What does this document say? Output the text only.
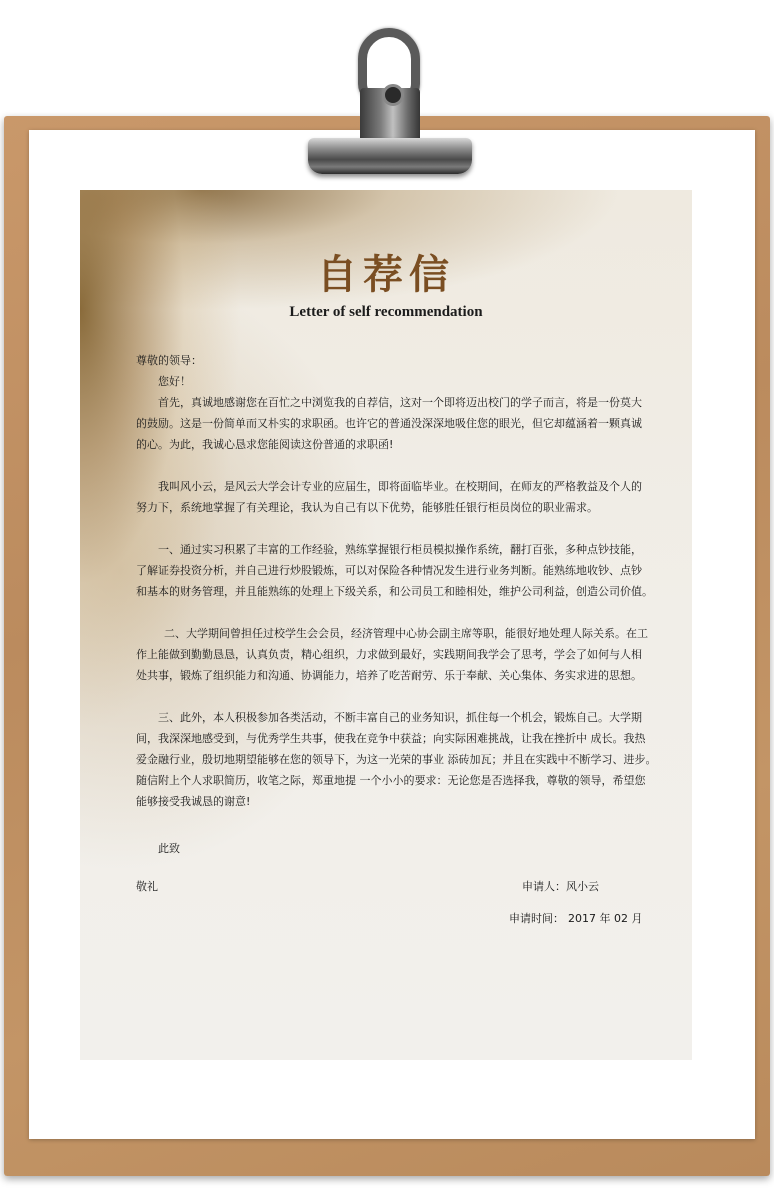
自荐信
Letter of self recommendation
尊敬的领导：
您好！
首先，真诚地感谢您在百忙之中浏览我的自荐信，这对一个即将迈出校门的学子而言，将是一份莫大
的鼓励。这是一份简单而又朴实的求职函。也许它的普通没深深地吸住您的眼光，但它却蕴涵着一颗真诚
的心。为此，我诚心恳求您能阅读这份普通的求职函!
我叫风小云，是风云大学会计专业的应届生，即将面临毕业。在校期间，在师友的严格教益及个人的
努力下，系统地掌握了有关理论，我认为自己有以下优势，能够胜任银行柜员岗位的职业需求。
一、通过实习积累了丰富的工作经验，熟练掌握银行柜员模拟操作系统，翻打百张，多种点钞技能，
了解证券投资分析，并自己进行炒股锻炼，可以对保险各种情况发生进行业务判断。能熟练地收钞、点钞
和基本的财务管理，并且能熟练的处理上下级关系，和公司员工和睦相处，维护公司利益，创造公司价值。
二、大学期间曾担任过校学生会会员，经济管理中心协会副主席等职，能很好地处理人际关系。在工
作上能做到勤勤恳恳，认真负责，精心组织，力求做到最好，实践期间我学会了思考，学会了如何与人相
处共事，锻炼了组织能力和沟通、协调能力，培养了吃苦耐劳、乐于奉献、关心集体、务实求进的思想。
三、此外，本人积极参加各类活动，不断丰富自己的业务知识，抓住每一个机会，锻炼自己。大学期
间，我深深地感受到，与优秀学生共事，使我在竞争中获益；向实际困难挑战，让我在挫折中 成长。我热
爱金融行业，殷切地期望能够在您的领导下，为这一光荣的事业 添砖加瓦；并且在实践中不断学习、进步。
随信附上个人求职简历，收笔之际，郑重地提 一个小小的要求：无论您是否选择我，尊敬的领导，希望您
能够接受我诚恳的谢意!
此致
敬礼	申请人：风小云
申请时间： 2017 年 02 月
